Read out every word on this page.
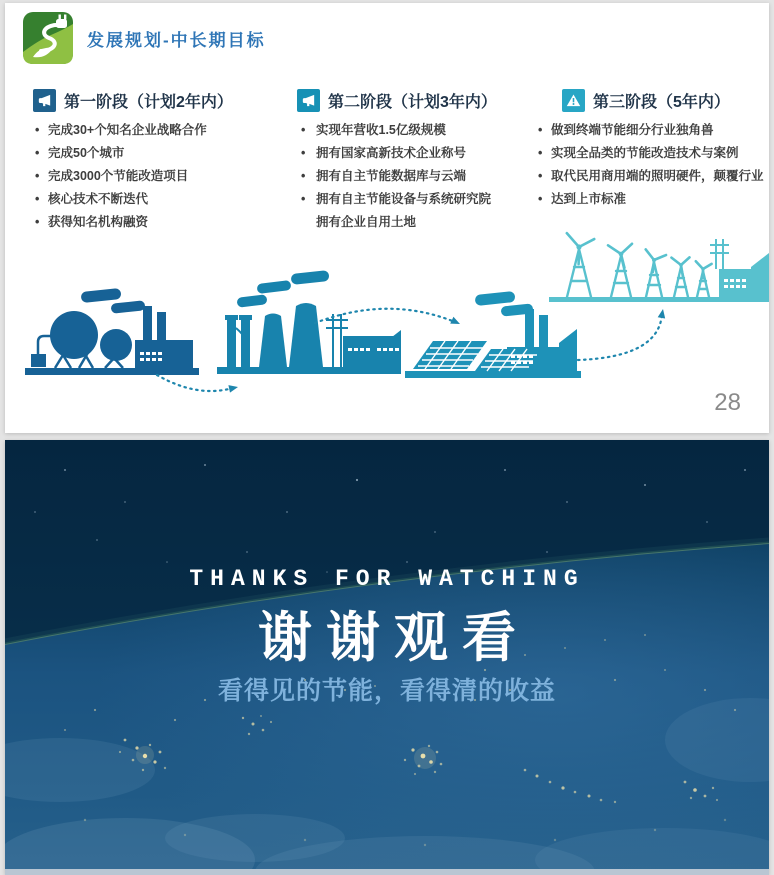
发展规划-中长期目标
第一阶段（计划2年内）
• 完成30+个知名企业战略合作
• 完成50个城市
• 完成3000个节能改造项目
• 核心技术不断迭代
• 获得知名机构融资
第二阶段（计划3年内）
• 实现年营收1.5亿级规模
• 拥有国家高新技术企业称号
• 拥有自主节能数据库与云端
• 拥有自主节能设备与系统研究院
拥有企业自用土地
第三阶段（5年内）
• 做到终端节能细分行业独角兽
• 实现全品类的节能改造技术与案例
• 取代民用商用端的照明硬件，颠覆行业
• 达到上市标准
28
THANKS FOR WATCHING
谢谢观看
看得见的节能，看得清的收益
